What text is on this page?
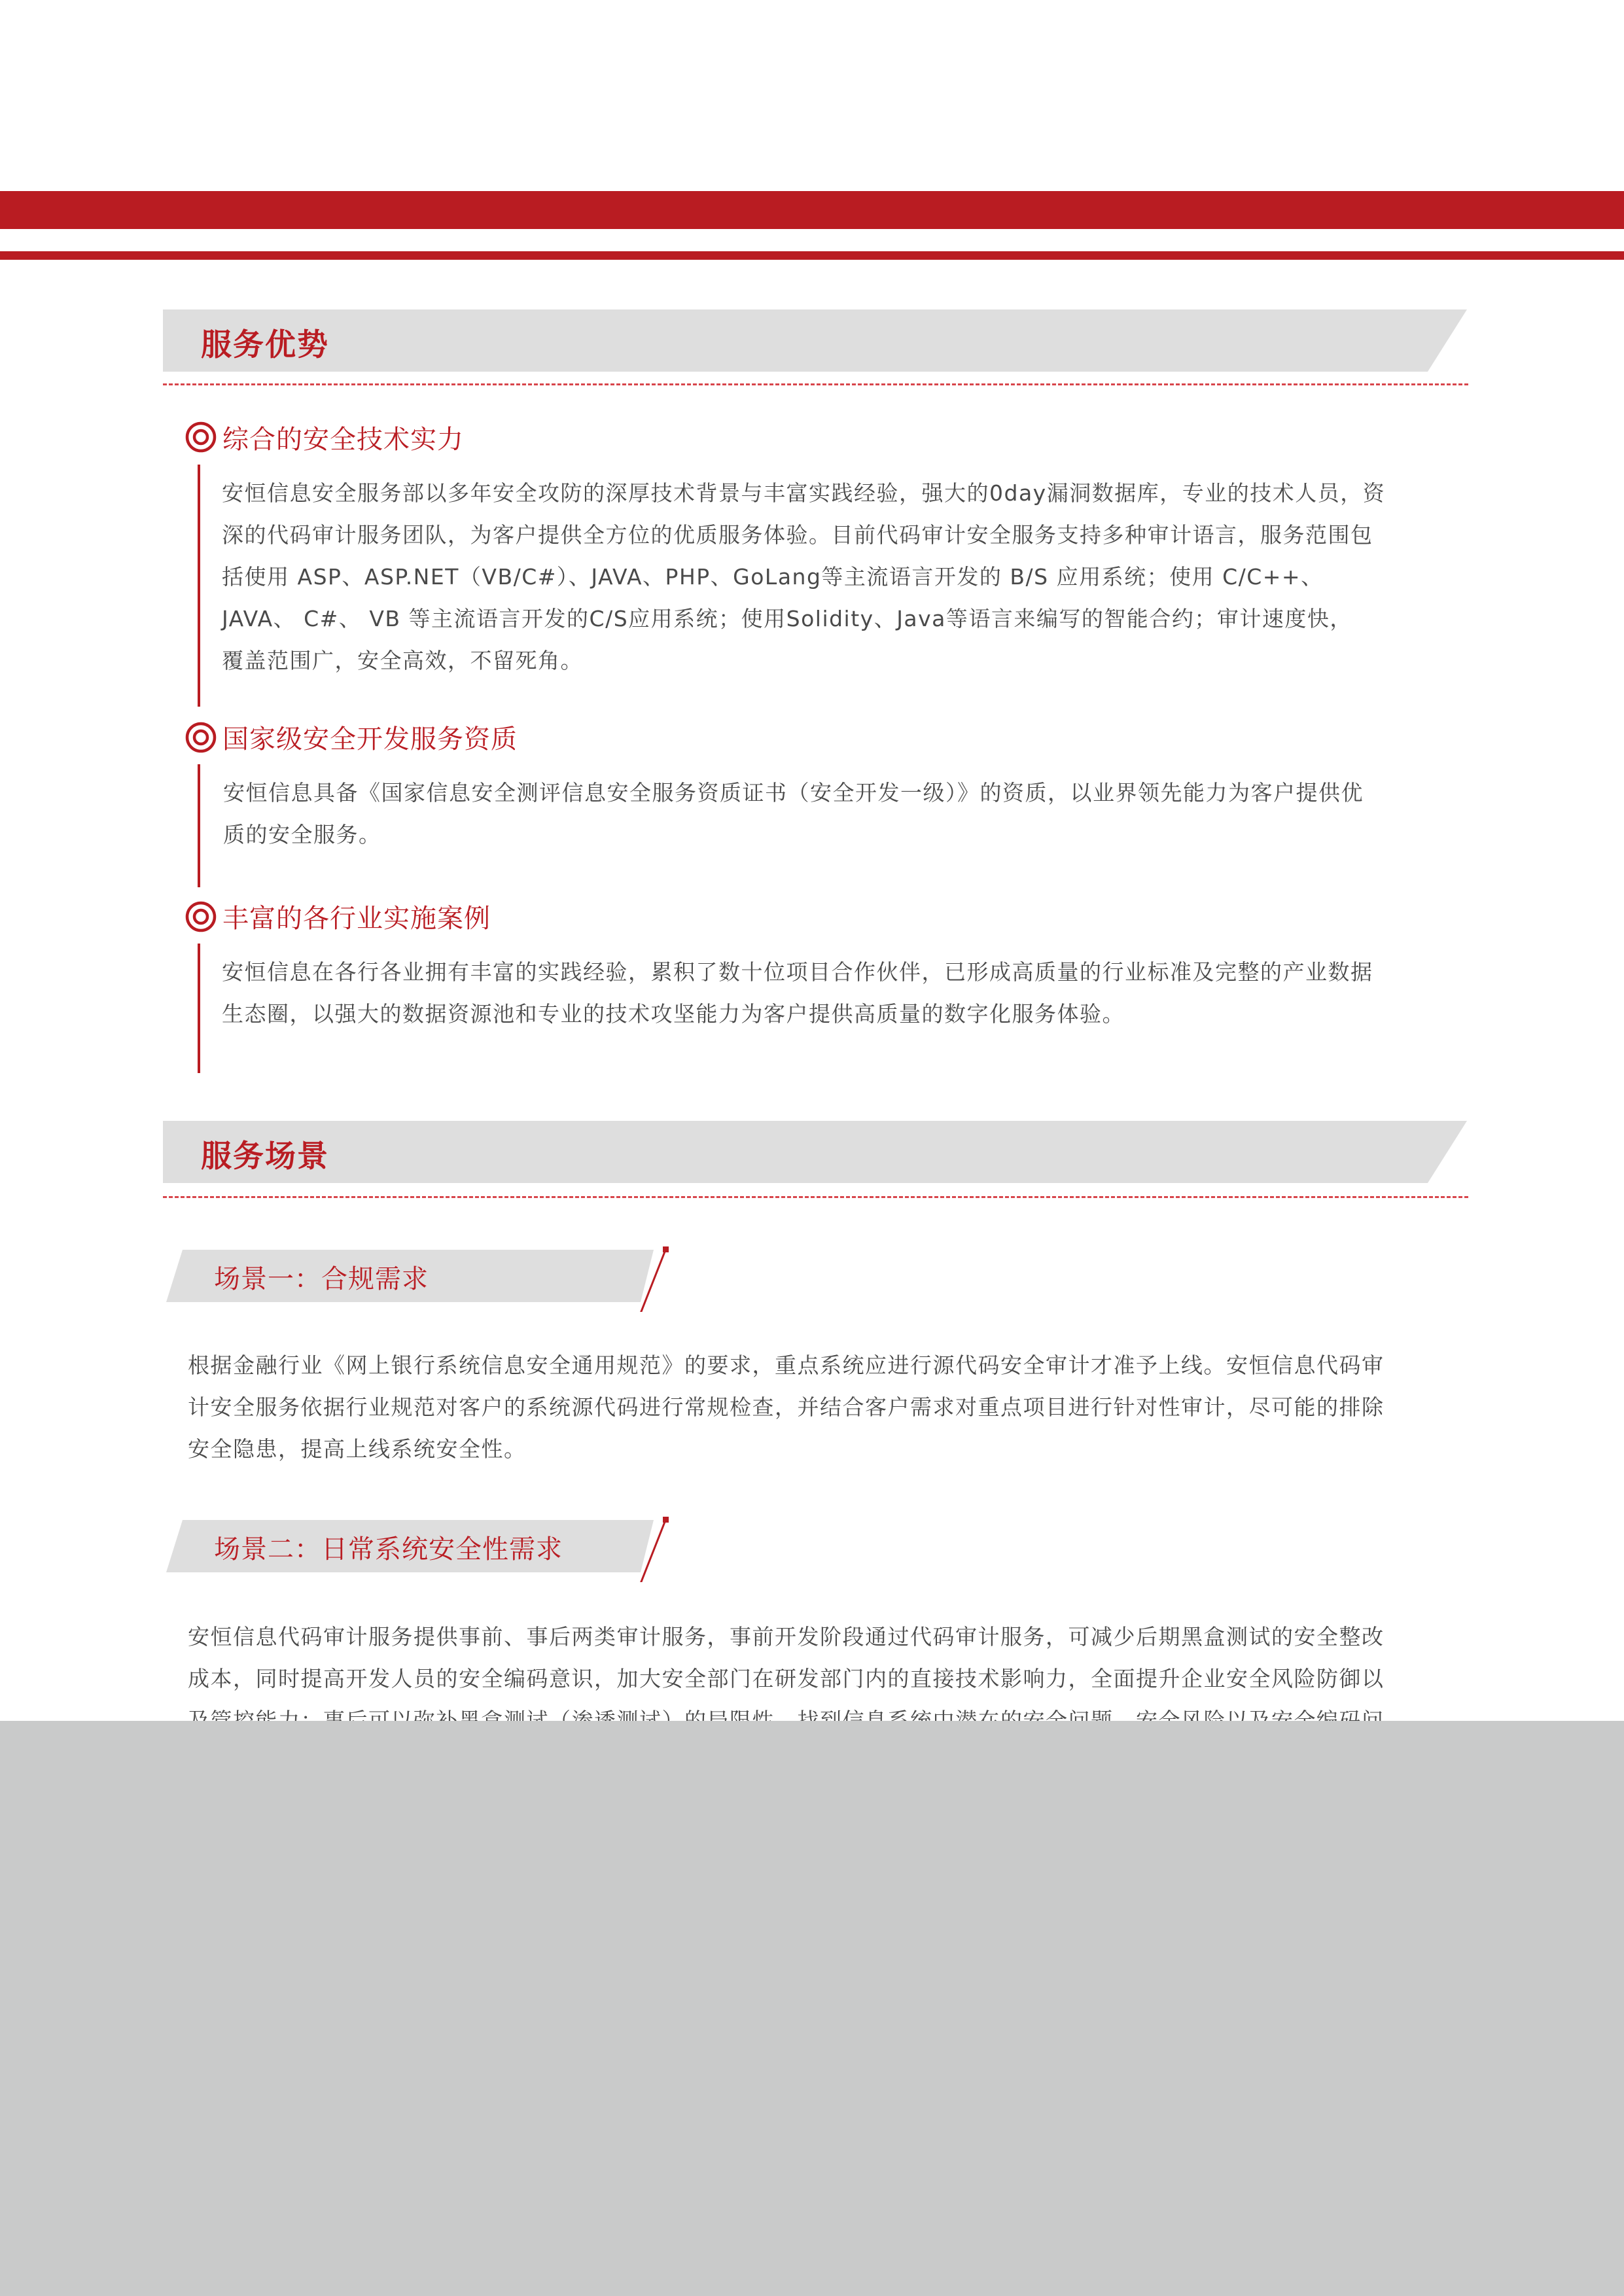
服务优势
综合的安全技术实力
安恒信息安全服务部以多年安全攻防的深厚技术背景与丰富实践经验，强大的0day漏洞数据库，专业的技术人员，资
深的代码审计服务团队，为客户提供全方位的优质服务体验。目前代码审计安全服务支持多种审计语言，服务范围包
括使用 ASP、ASP.NET（VB/C#）、JAVA、PHP、GoLang等主流语言开发的 B/S 应用系统；使用 C/C++、
JAVA、 C#、 VB 等主流语言开发的C/S应用系统；使用Solidity、Java等语言来编写的智能合约；审计速度快，
覆盖范围广，安全高效，不留死角。
国家级安全开发服务资质
安恒信息具备《国家信息安全测评信息安全服务资质证书（安全开发一级）》的资质，以业界领先能力为客户提供优
质的安全服务。
丰富的各行业实施案例
安恒信息在各行各业拥有丰富的实践经验，累积了数十位项目合作伙伴，已形成高质量的行业标准及完整的产业数据
生态圈，以强大的数据资源池和专业的技术攻坚能力为客户提供高质量的数字化服务体验。
服务场景
场景一：合规需求
根据金融行业《网上银行系统信息安全通用规范》的要求，重点系统应进行源代码安全审计才准予上线。安恒信息代码审
计安全服务依据行业规范对客户的系统源代码进行常规检查，并结合客户需求对重点项目进行针对性审计，尽可能的排除
安全隐患，提高上线系统安全性。
场景二：日常系统安全性需求
安恒信息代码审计服务提供事前、事后两类审计服务，事前开发阶段通过代码审计服务，可减少后期黑盒测试的安全整改
成本，同时提高开发人员的安全编码意识，加大安全部门在研发部门内的直接技术影响力，全面提升企业安全风险防御以
